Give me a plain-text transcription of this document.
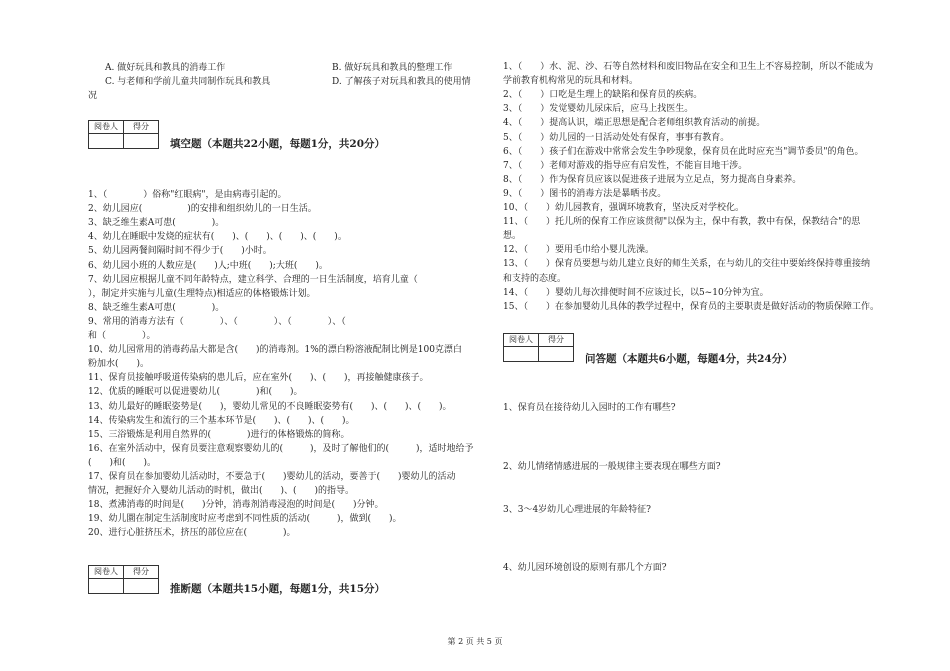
A. 做好玩具和教具的消毒工作	B. 做好玩具和教具的整理工作
C. 与老师和学前儿童共同制作玩具和教具	D. 了解孩子对玩具和教具的使用情
况
阅卷人	得分

填空题（本题共22小题，每题1分，共20分）
1、（　　　　）俗称"红眼病"，是由病毒引起的。
2、幼儿园应(　　　　　)的安排和组织幼儿的一日生活。
3、缺乏维生素A可患(　　　　)。
4、幼儿在睡眠中发烧的症状有(　　)、(　　)、(　　)、(　　)。
5、幼儿园两餐间隔时间不得少于(　　)小时。
6、幼儿园小班的人数应是(　　)人;中班(　　);大班(　　)。
7、幼儿园应根据儿童不同年龄特点，建立科学、合理的一日生活制度，培育儿童（
），制定并实施与儿童(生理特点)相适应的体格锻炼计划。
8、缺乏维生素A可患(　　　　)。
9、常用的消毒方法有（　　　　）、（　　　　）、（　　　　）、（
和（　　　　）。
10、幼儿园常用的消毒药品大都是含(　　)的消毒剂。1%的漂白粉溶液配制比例是100克漂白
粉加水(　　)。
11、保育员接触呼吸道传染病的患儿后，应在室外(　　)、(　　)，再接触健康孩子。
12、优质的睡眠可以促进婴幼儿(　　　　)和(　　)。
13、幼儿最好的睡眠姿势是(　　)，婴幼儿常见的不良睡眠姿势有(　　)、(　　)、(　　)。
14、传染病发生和流行的三个基本环节是(　　)、(　　)、(　　)。
15、三浴锻炼是利用自然界的(　　　　)进行的体格锻炼的简称。
16、在室外活动中，保育员要注意观察婴幼儿的(　　　)，及时了解他们的(　　　)，适时地给予
(　　)和(　　)。
17、保育员在参加婴幼儿活动时，不要急于(　　)婴幼儿的活动，要善于(　　)婴幼儿的活动
情况，把握好介入婴幼儿活动的时机，做出(　　)、(　　)的指导。
18、煮沸消毒的时间是(　　)分钟，消毒剂消毒浸泡的时间是(　　)分钟。
19、幼儿圜在制定生活制度时应考虑到不同性质的活动(　　　)，做到(　　)。
20、进行心脏挤压术，挤压的部位应在(　　　　)。
阅卷人	得分

推断题（本题共15小题，每题1分，共15分）
1、（　　）水、泥、沙、石等自然材料和废旧物品在安全和卫生上不容易控制，所以不能成为
学前教育机构常见的玩具和材料。
2、（　　）口吃是生理上的缺陷和保育员的疾病。
3、（　　）发觉婴幼儿尿床后，应马上找医生。
4、（　　）提高认识，端正思想是配合老师组织教育活动的前提。
5、（　　）幼儿园的一日活动处处有保育，事事有教育。
6、（　　）孩子们在游戏中常常会发生争吵现象，保育员在此时应充当"调节委员"的角色。
7、（　　）老师对游戏的指导应有启发性，不能盲目地干涉。
8、（　　）作为保育员应该以促进孩子进展为立足点，努力提高自身素养。
9、（　　）图书的消毒方法是暴晒书皮。
10、（　　）幼儿园教育，强调环境教育，坚决反对学校化。
11、（　　）托儿所的保育工作应该贯彻"以保为主，保中有教，教中有保，保教结合"的思
想。
12、（　　）要用毛巾给小婴儿洗澡。
13、（　　）保育员要想与幼儿建立良好的师生关系，在与幼儿的交往中要始终保持尊重接纳
和支持的态度。
14、（　　）婴幼儿每次排便时间不应该过长，以5~10分钟为宜。
15、（　　）在参加婴幼儿具体的教学过程中，保育员的主要职责是做好活动的物质保障工作。
阅卷人	得分

问答题（本题共6小题，每题4分，共24分）
1、保育员在接待幼儿入园时的工作有哪些?
2、幼儿情绪情感进展的一般规律主要表现在哪些方面?
3、3～4岁幼儿心理进展的年龄特征?
4、幼儿园环境创设的原则有那几个方面?
第 2 页 共 5 页
